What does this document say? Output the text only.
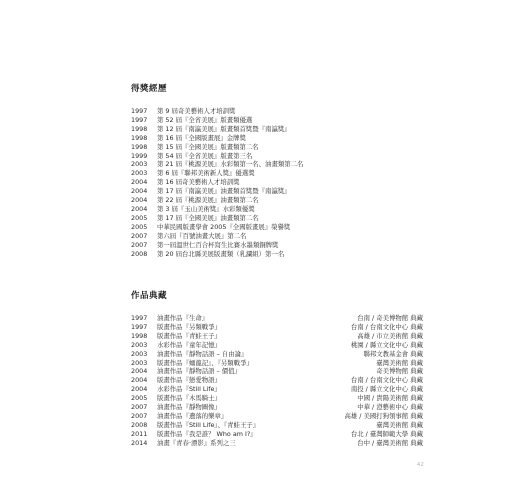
得獎經歷
1997	第 9 屆奇美藝術人才培訓獎
1997	第 52 屆『全省美展』版畫類優選
1998	第 12 屆『南瀛美展』版畫類首獎暨『南瀛獎』
1998	第 16 屆『全國版畫展』金牌獎
1998	第 15 屆『全國美展』版畫類第二名
1999	第 54 屆『全省美展』版畫第三名
2003	第 21 屆『桃源美展』水彩類第一名、油畫類第二名
2003	第 6 屆『聯邦美術新人獎』優選獎
2004	第 16 屆奇美藝術人才培訓獎
2004	第 17 屆『南瀛美展』油畫類首獎暨『南瀛獎』
2004	第 22 屆『桃源美展』油畫類第二名
2004	第 3 屆『玉山美術獎』水彩類優獎
2005	第 17 屆『全國美展』油畫類第二名
2005	中華民國版畫學會 2005『全國版畫展』榮譽獎
2007	第六屆『百號油畫大展』第二名
2007	第一屆溫世仁百合杯寫生比賽水墨類銅牌獎
2008	第 20 屆台北縣美展版畫類（乳瀾組）第一名
作品典藏
1997	油畫作品『生命』	台南 / 奇美博物館 典藏
1997	版畫作品『另類戰爭』	台南 / 台南文化中心 典藏
1998	版畫作品『青蛙王子』	高雄 / 市立美術館 典藏
2003	水彩作品『童年記憶』	桃園 / 縣立文化中心 典藏
2003	油畫作品『靜物話語 – 自由論』	聯邦文教基金會 典藏
2003	版畫作品『蛹龍記』、『另類戰爭』	臺灣美術館 典藏
2004	油畫作品『靜物話語 – 價值』	奇美博物館 典藏
2004	版畫作品『戀愛物語』	台南 / 台南文化中心 典藏
2004	水彩作品『Still Life』	南投 / 縣立文化中心 典藏
2005	版畫作品『木馬騎士』	中國 / 貴陽美術館 典藏
2007	油畫作品『靜物圖像』	中華 / 澄藝術中心 典藏
2007	油畫作品『遺落的樂章』	高雄 / 美國打狗領事館 典藏
2008	版畫作品『Still Life』、『青蛙王子』	臺灣美術館 典藏
2011	版畫作品『我是誰？ Who am I?』	台北 / 臺灣師範大學 典藏
2014	油畫『青春‧漂影』系列之三	台中 / 臺灣美術館 典藏
42
